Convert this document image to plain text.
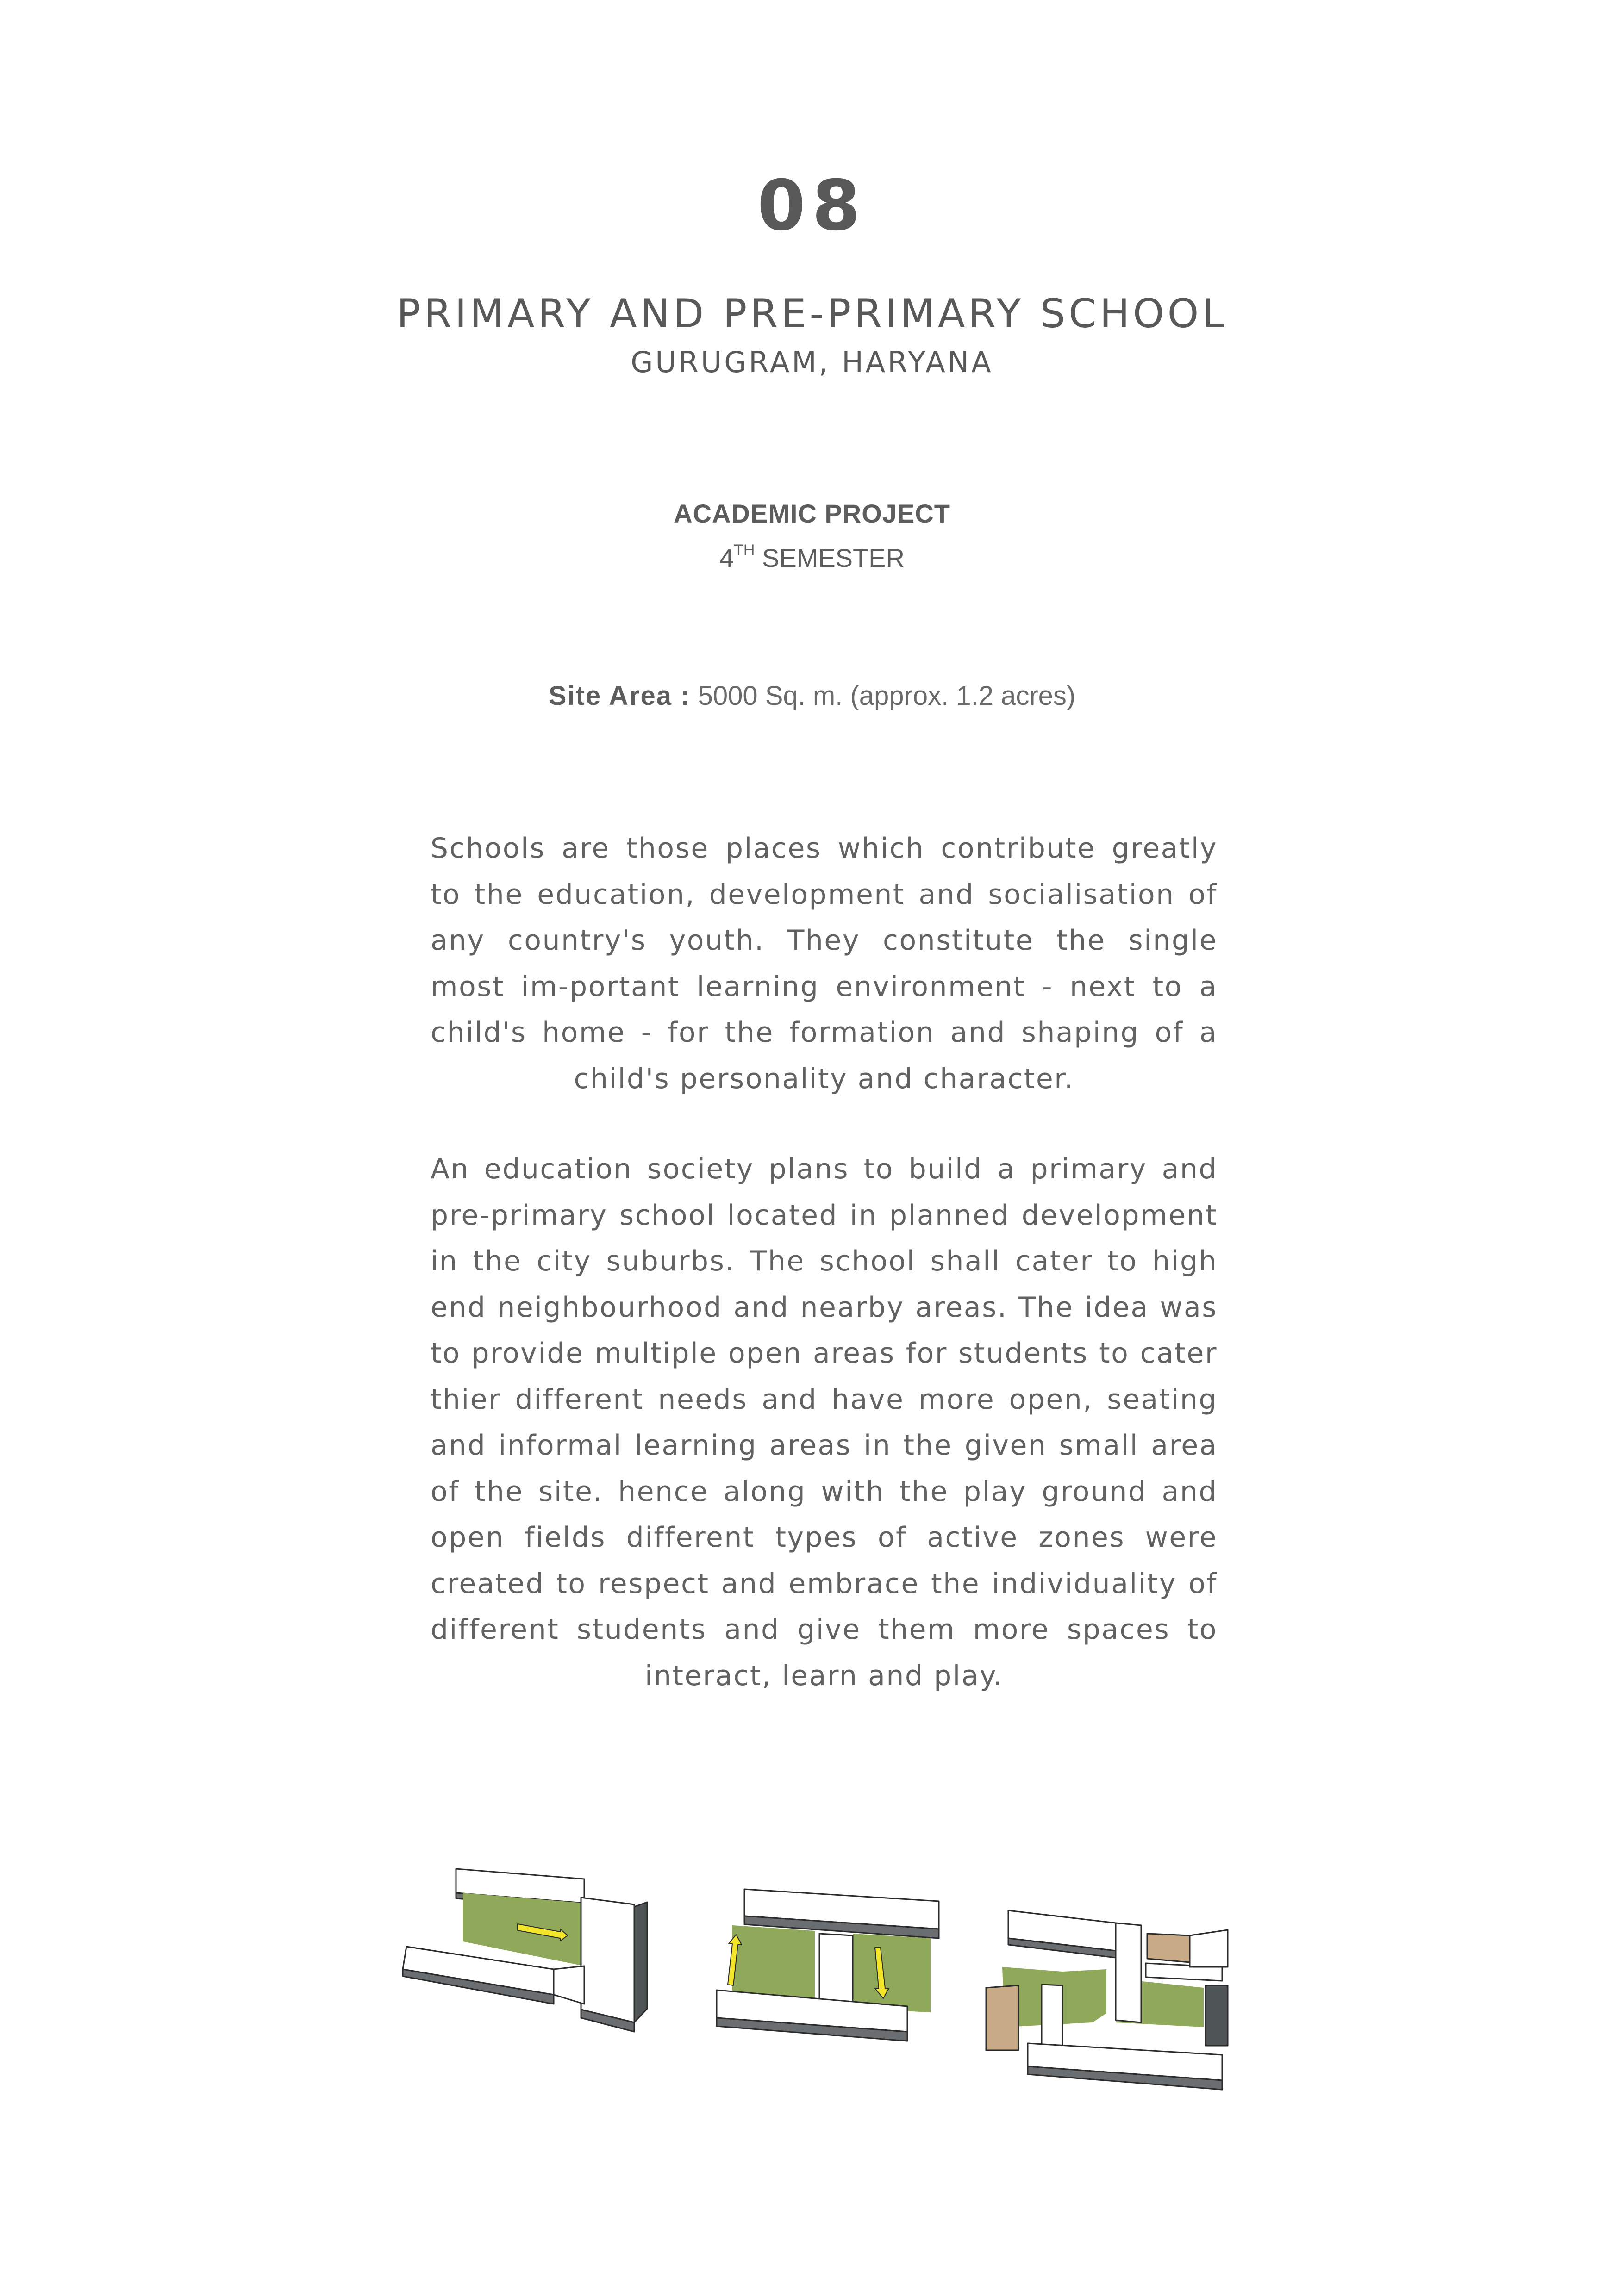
08
PRIMARY AND PRE-PRIMARY SCHOOL
GURUGRAM, HARYANA
ACADEMIC PROJECT
4TH SEMESTER
Site Area : 5000 Sq. m. (approx. 1.2 acres)

Schools are those places which contribute greatly to the education, development and socialisation of any country's youth. They constitute the single most im-portant learning environment - next to a child's home - for the formation and shaping of a child's personality and character.

An education society plans to build a primary and pre-primary school located in planned development in the city suburbs. The school shall cater to high end neighbourhood and nearby areas. The idea was to provide multiple open areas for students to cater thier different needs and have more open, seating and informal learning areas in the given small area of the site. hence along with the play ground and open fields different types of active zones were created to respect and embrace the individuality of different students and give them more spaces to interact, learn and play.
